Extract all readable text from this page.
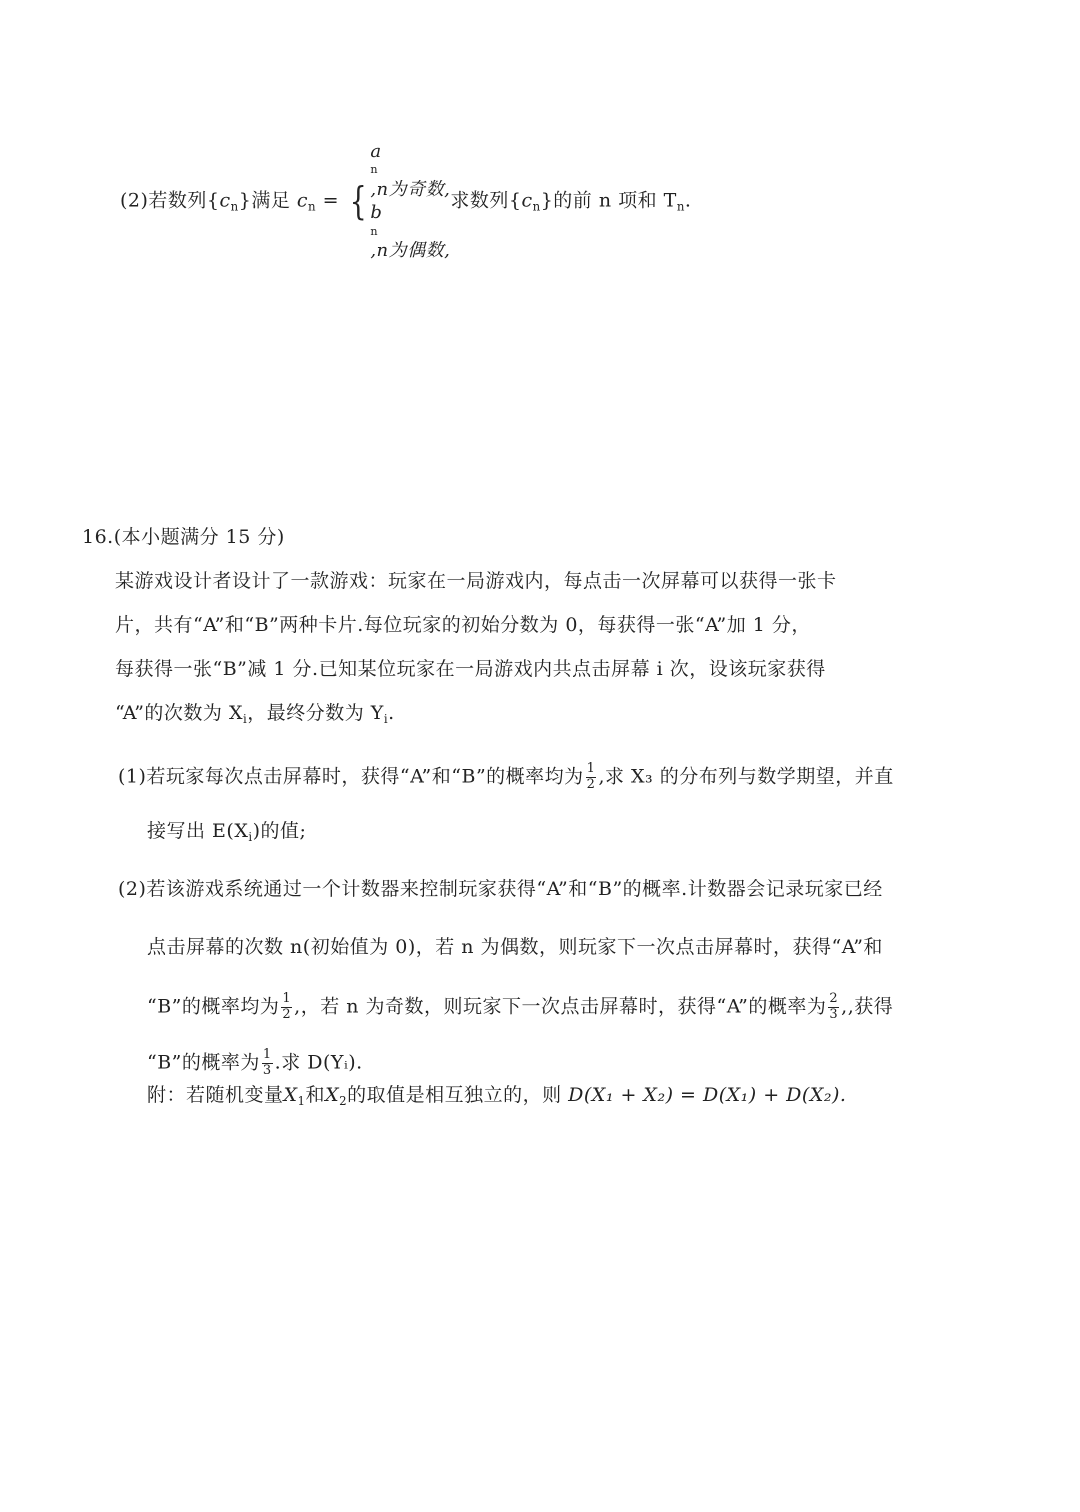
(2)若数列$\{c_n\}$满足 $c_n$ = {
a
n
,n为奇数,
b
n
,n为偶数,
求数列$\{c_n\}$的前 n 项和 $T_n$.
16.(本小题满分 15 分)
某游戏设计者设计了一款游戏：玩家在一局游戏内，每点击一次屏幕可以获得一张卡
片，共有“A”和“B”两种卡片.每位玩家的初始分数为 0，每获得一张“A”加 1 分，
每获得一张“B”减 1 分.已知某位玩家在一局游戏内共点击屏幕 i 次，设该玩家获得
“A”的次数为 $X_i$，最终分数为 $Y_i$.
(1)若玩家每次点击屏幕时，获得“A”和“B”的概率均为 $\frac{1}{2}$ ,求 X₃ 的分布列与数学期望，并直
接写出 $E(X_i)$的值;
(2)若该游戏系统通过一个计数器来控制玩家获得“A”和“B”的概率.计数器会记录玩家已经
点击屏幕的次数 n(初始值为 0)，若 n 为偶数，则玩家下一次点击屏幕时，获得“A”和
“B”的概率均为 $\frac{1}{2}$ ,，若 n 为奇数，则玩家下一次点击屏幕时，获得“A”的概率为 $\frac{2}{3}$ ,,获得
“B”的概率为 $\frac{1}{3}$ .求 D(Yᵢ).
附：若随机变量$X_1$和$X_2$的取值是相互独立的，则 D(X₁ + X₂) = D(X₁) + D(X₂).
